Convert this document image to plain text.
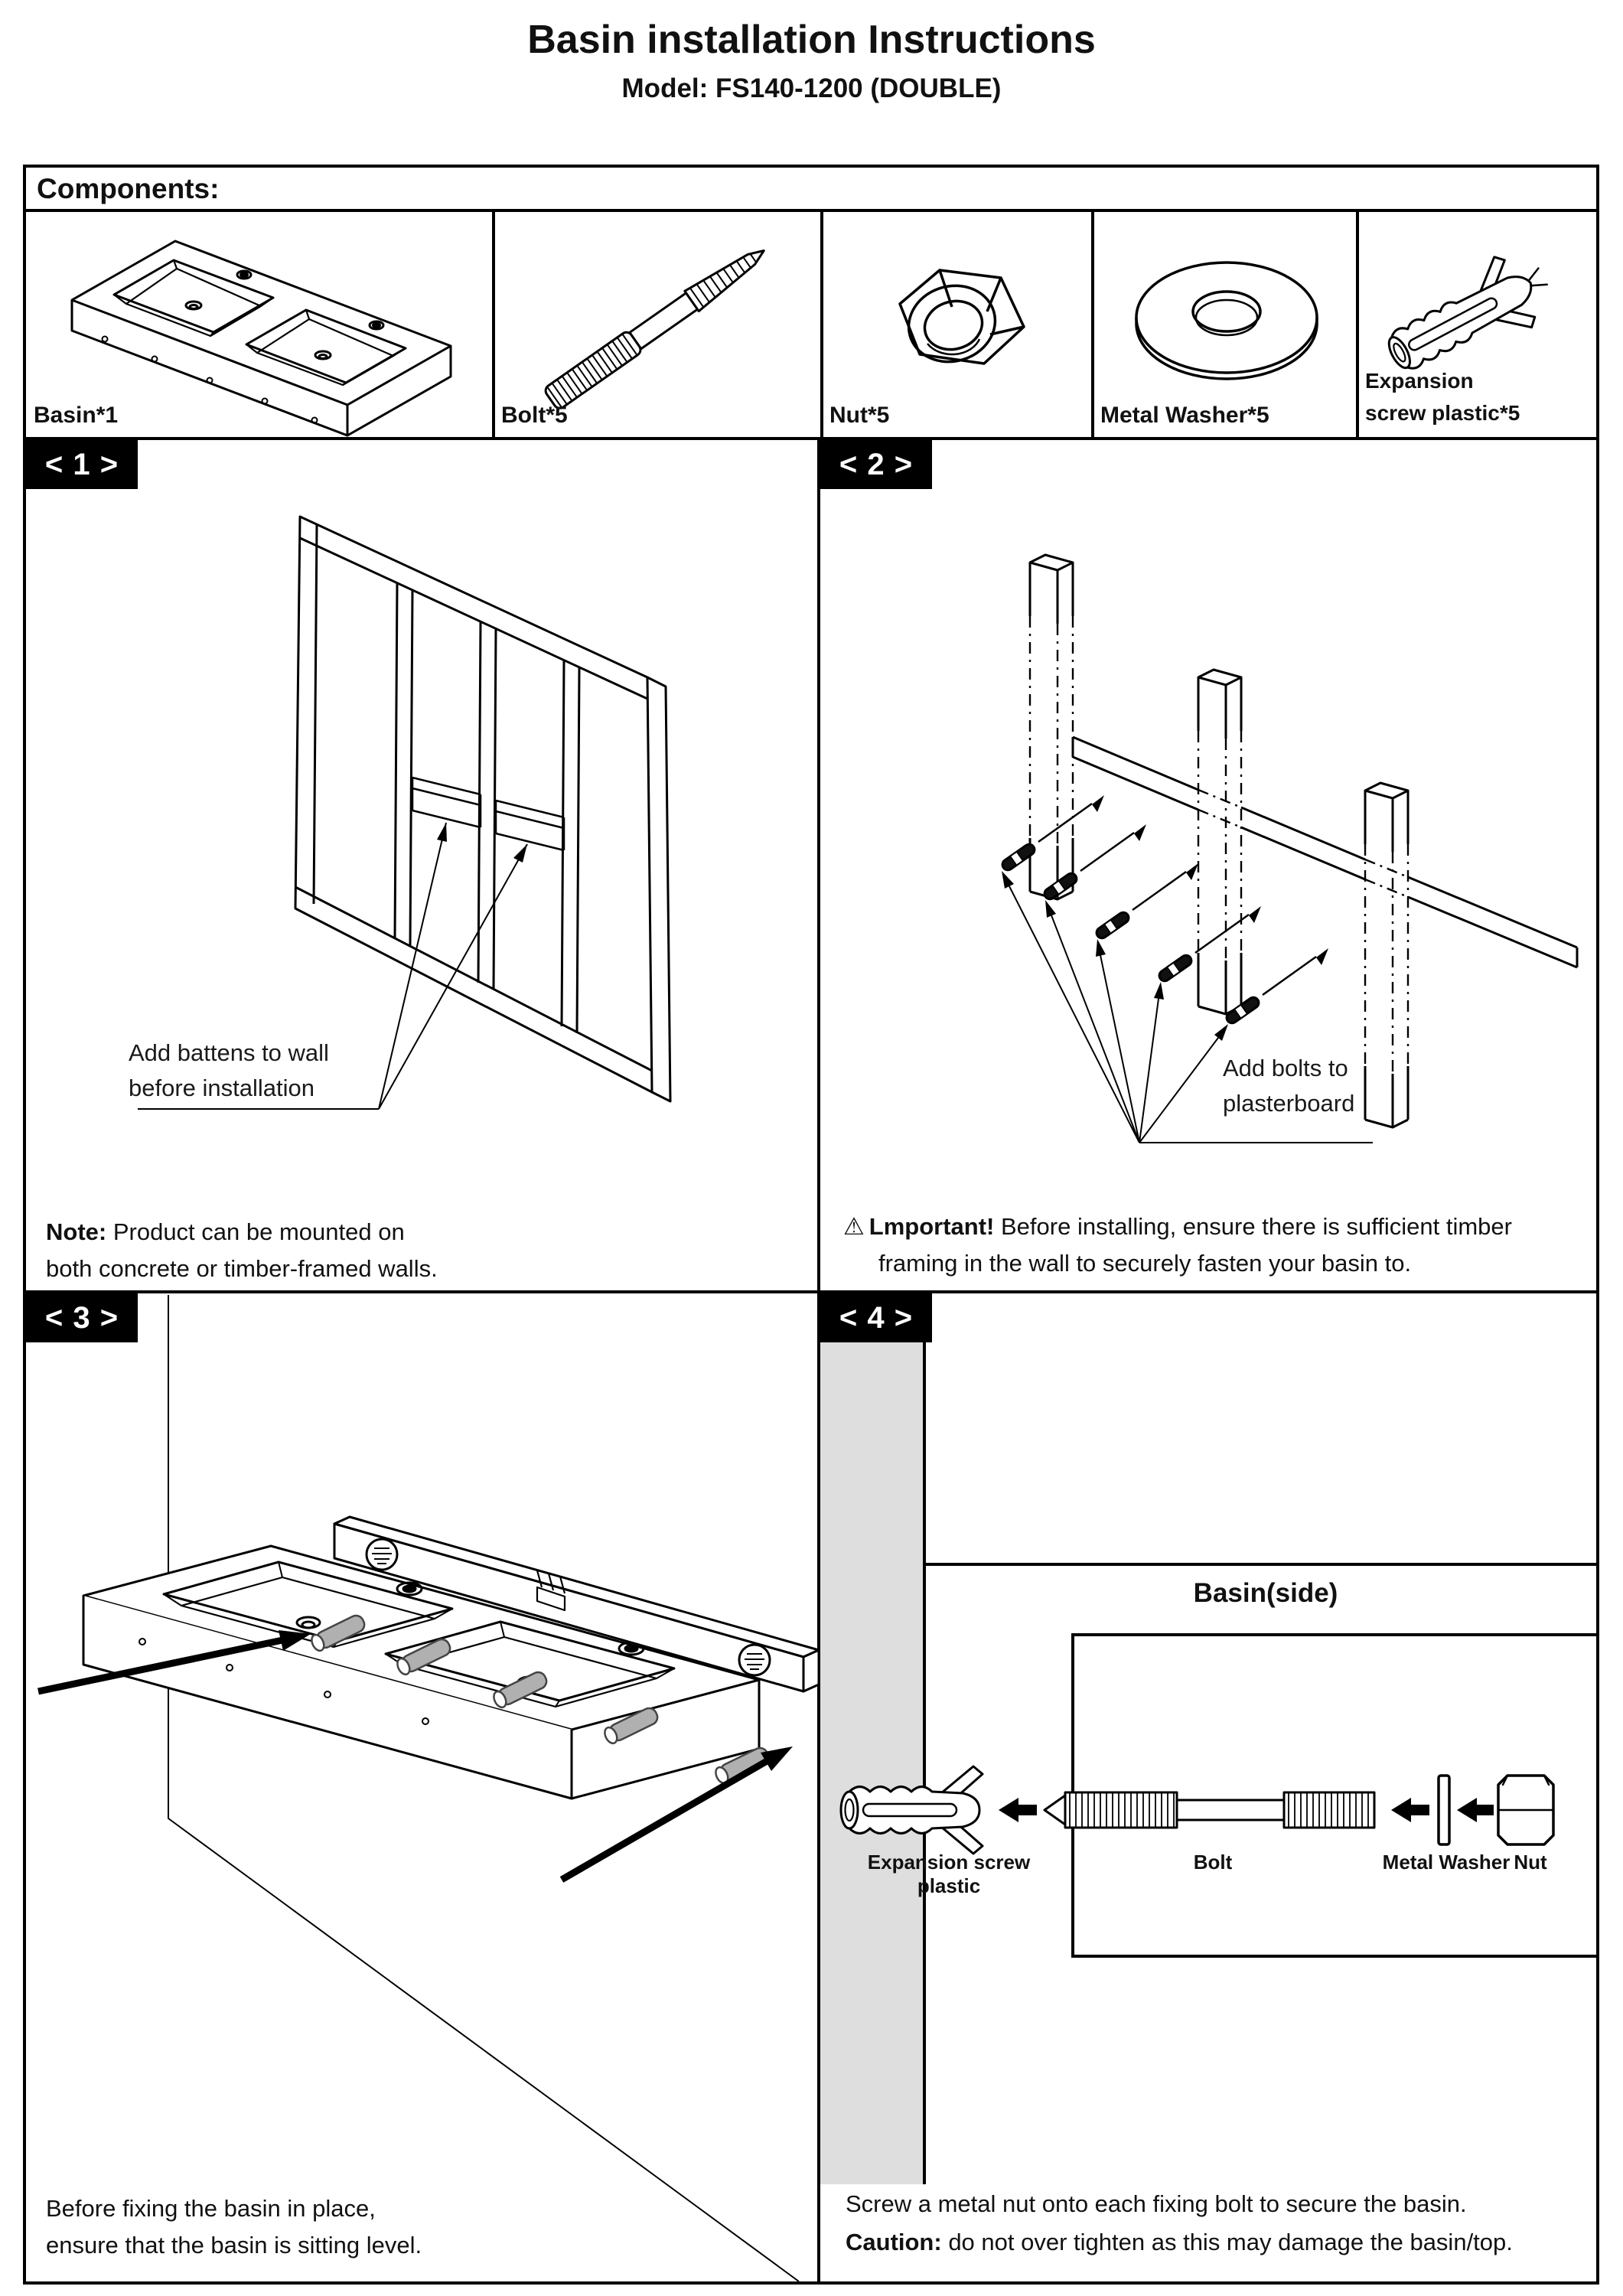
Basin installation Instructions
Model: FS140-1200 (DOUBLE)
Components:
Basin*1	Bolt*5	Nut*5	Metal Washer*5
Expansion
screw plastic*5
< 1 >	< 2 >
< 3 >	< 4 >
Add battens to wall
before installation
Note: Product can be mounted on
both concrete or timber-framed walls.
Add bolts to
plasterboard
⚠ Lmportant! Before installing, ensure there is sufficient timber
framing in the wall to securely fasten your basin to.
Before fixing the basin in place,
ensure that the basin is sitting level.
Basin(side)
Expansion screw plastic
Bolt	Metal Washer Nut
Screw a metal nut onto each fixing bolt to secure the basin.
Caution: do not over tighten as this may damage the basin/top.
